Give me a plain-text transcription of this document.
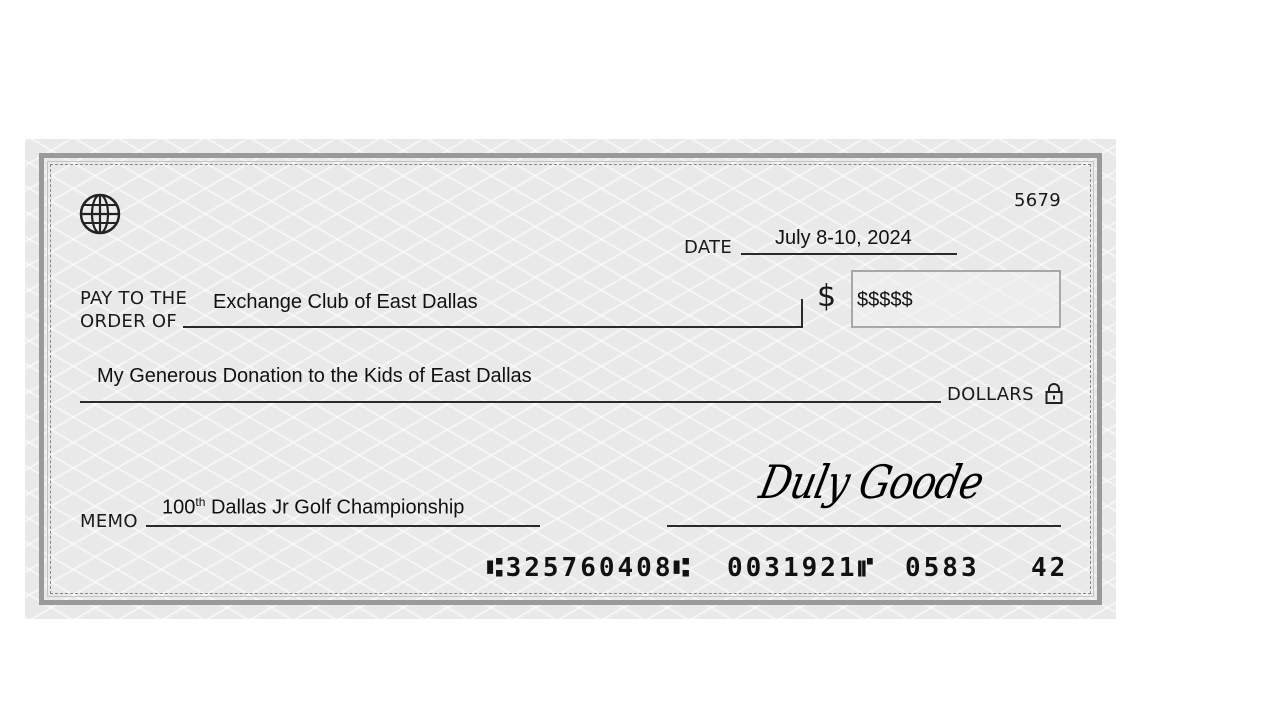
5679
DATE July 8-10, 2024
PAY TO THE
ORDER OF
Exchange Club of East Dallas	$ $$$$$
My Generous Donation to the Kids of East Dallas
DOLLARS
MEMO
100th Dallas Jr Golf Championship	Duly Goode
⑆325760408⑆ 0031921⑈ 0583 42
